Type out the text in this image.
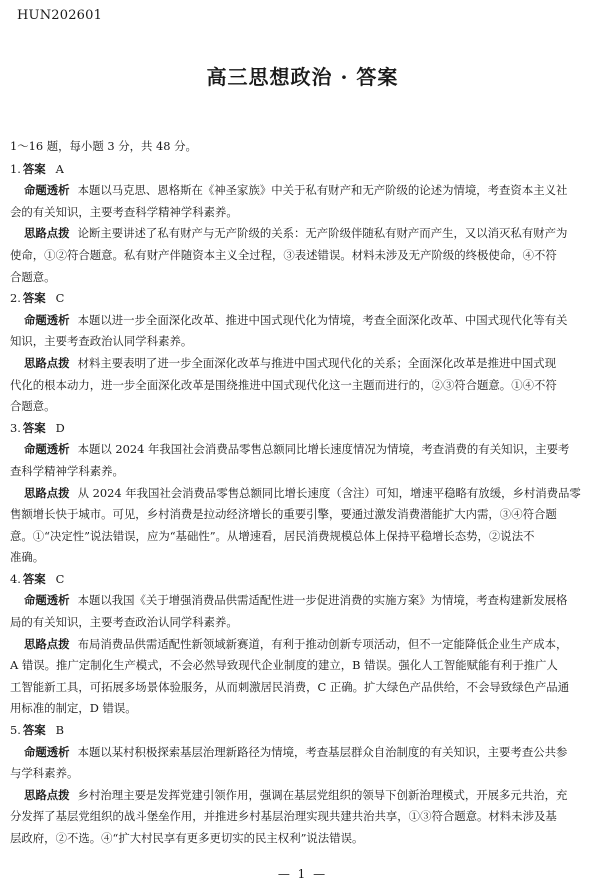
HUN202601
高三思想政治 · 答案
1～16 题，每小题 3 分，共 48 分。
1. 答案 A
命题透析 本题以马克思、恩格斯在《神圣家族》中关于私有财产和无产阶级的论述为情境，考查资本主义社
会的有关知识，主要考查科学精神学科素养。
思路点拨 论断主要讲述了私有财产与无产阶级的关系：无产阶级伴随私有财产而产生，又以消灭私有财产为
使命，①②符合题意。私有财产伴随资本主义全过程，③表述错误。材料未涉及无产阶级的终极使命，④不符
合题意。
2. 答案 C
命题透析 本题以进一步全面深化改革、推进中国式现代化为情境，考查全面深化改革、中国式现代化等有关
知识，主要考查政治认同学科素养。
思路点拨 材料主要表明了进一步全面深化改革与推进中国式现代化的关系；全面深化改革是推进中国式现
代化的根本动力，进一步全面深化改革是围绕推进中国式现代化这一主题而进行的，②③符合题意。①④不符
合题意。
3. 答案 D
命题透析 本题以 2024 年我国社会消费品零售总额同比增长速度情况为情境，考查消费的有关知识，主要考
查科学精神学科素养。
思路点拨 从 2024 年我国社会消费品零售总额同比增长速度（含注）可知，增速平稳略有放缓，乡村消费品零
售额增长快于城市。可见，乡村消费是拉动经济增长的重要引擎，要通过激发消费潜能扩大内需，③④符合题
意。①“决定性”说法错误，应为“基础性”。从增速看，居民消费规模总体上保持平稳增长态势，②说法不
准确。
4. 答案 C
命题透析 本题以我国《关于增强消费品供需适配性进一步促进消费的实施方案》为情境，考查构建新发展格
局的有关知识，主要考查政治认同学科素养。
思路点拨 布局消费品供需适配性新领域新赛道，有利于推动创新专项活动，但不一定能降低企业生产成本，
A 错误。推广定制化生产模式，不会必然导致现代企业制度的建立，B 错误。强化人工智能赋能有利于推广人
工智能新工具，可拓展多场景体验服务，从而刺激居民消费，C 正确。扩大绿色产品供给，不会导致绿色产品通
用标准的制定，D 错误。
5. 答案 B
命题透析 本题以某村积极探索基层治理新路径为情境，考查基层群众自治制度的有关知识，主要考查公共参
与学科素养。
思路点拨 乡村治理主要是发挥党建引领作用，强调在基层党组织的领导下创新治理模式，开展多元共治，充
分发挥了基层党组织的战斗堡垒作用，并推进乡村基层治理实现共建共治共享，①③符合题意。材料未涉及基
层政府，②不选。④“扩大村民享有更多更切实的民主权利”说法错误。
— 1 —
